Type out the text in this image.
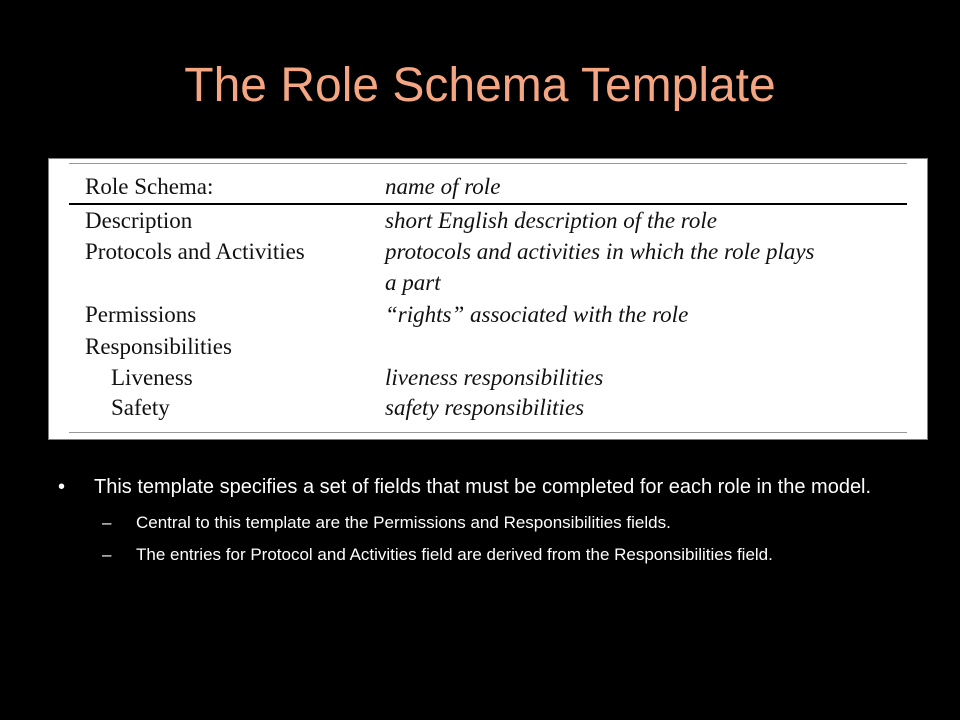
The Role Schema Template
Role Schema:	name of role
Description	short English description of the role
Protocols and Activities	protocols and activities in which the role plays
a part
Permissions	“rights” associated with the role
Responsibilities
Liveness	liveness responsibilities
Safety	safety responsibilities
• This template specifies a set of fields that must be completed for each role in the model.
– Central to this template are the Permissions and Responsibilities fields.
– The entries for Protocol and Activities field are derived from the Responsibilities field.
